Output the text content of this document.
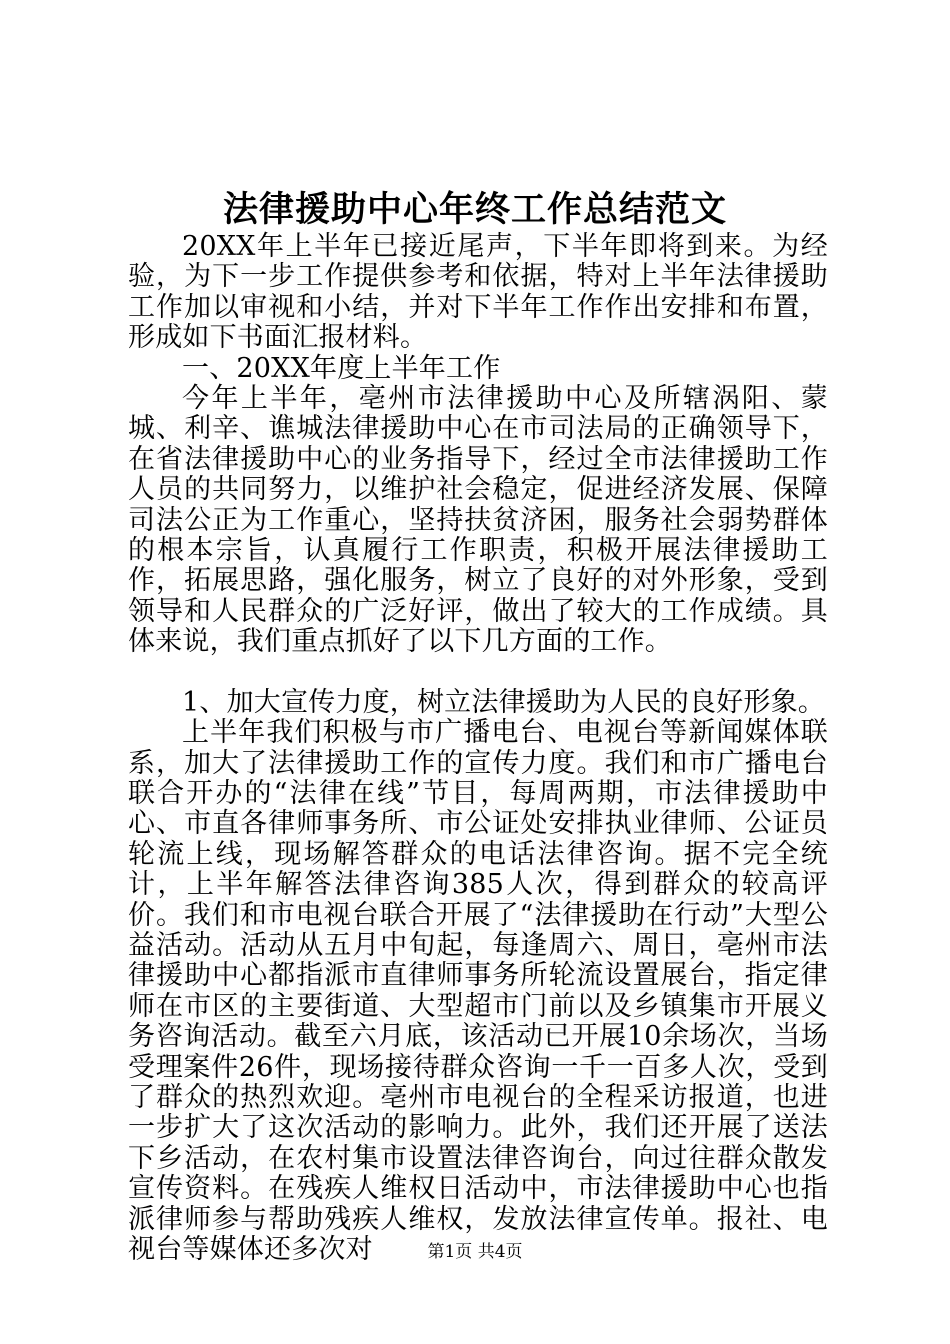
法律援助中心年终工作总结范文

20XX年上半年已接近尾声，下半年即将到来。为经验，为下一步工作提供参考和依据，特对上半年法律援助工作加以审视和小结，并对下半年工作作出安排和布置，形成如下书面汇报材料。

一、20XX年度上半年工作

今年上半年，亳州市法律援助中心及所辖涡阳、蒙城、利辛、谯城法律援助中心在市司法局的正确领导下，在省法律援助中心的业务指导下，经过全市法律援助工作人员的共同努力，以维护社会稳定，促进经济发展、保障司法公正为工作重心，坚持扶贫济困，服务社会弱势群体的根本宗旨，认真履行工作职责，积极开展法律援助工作，拓展思路，强化服务，树立了良好的对外形象，受到领导和人民群众的广泛好评，做出了较大的工作成绩。具体来说，我们重点抓好了以下几方面的工作。

1、加大宣传力度，树立法律援助为人民的良好形象。

上半年我们积极与市广播电台、电视台等新闻媒体联系，加大了法律援助工作的宣传力度。我们和市广播电台联合开办的“法律在线”节目，每周两期，市法律援助中心、市直各律师事务所、市公证处安排执业律师、公证员轮流上线，现场解答群众的电话法律咨询。据不完全统计，上半年解答法律咨询385人次，得到群众的较高评价。我们和市电视台联合开展了“法律援助在行动”大型公益活动。活动从五月中旬起，每逢周六、周日，亳州市法律援助中心都指派市直律师事务所轮流设置展台，指定律师在市区的主要街道、大型超市门前以及乡镇集市开展义务咨询活动。截至六月底，该活动已开展10余场次，当场受理案件26件，现场接待群众咨询一千一百多人次，受到了群众的热烈欢迎。亳州市电视台的全程采访报道，也进一步扩大了这次活动的影响力。此外，我们还开展了送法下乡活动，在农村集市设置法律咨询台，向过往群众散发宣传资料。在残疾人维权日活动中，市法律援助中心也指派律师参与帮助残疾人维权，发放法律宣传单。报社、电视台等媒体还多次对	第1页 共4页
